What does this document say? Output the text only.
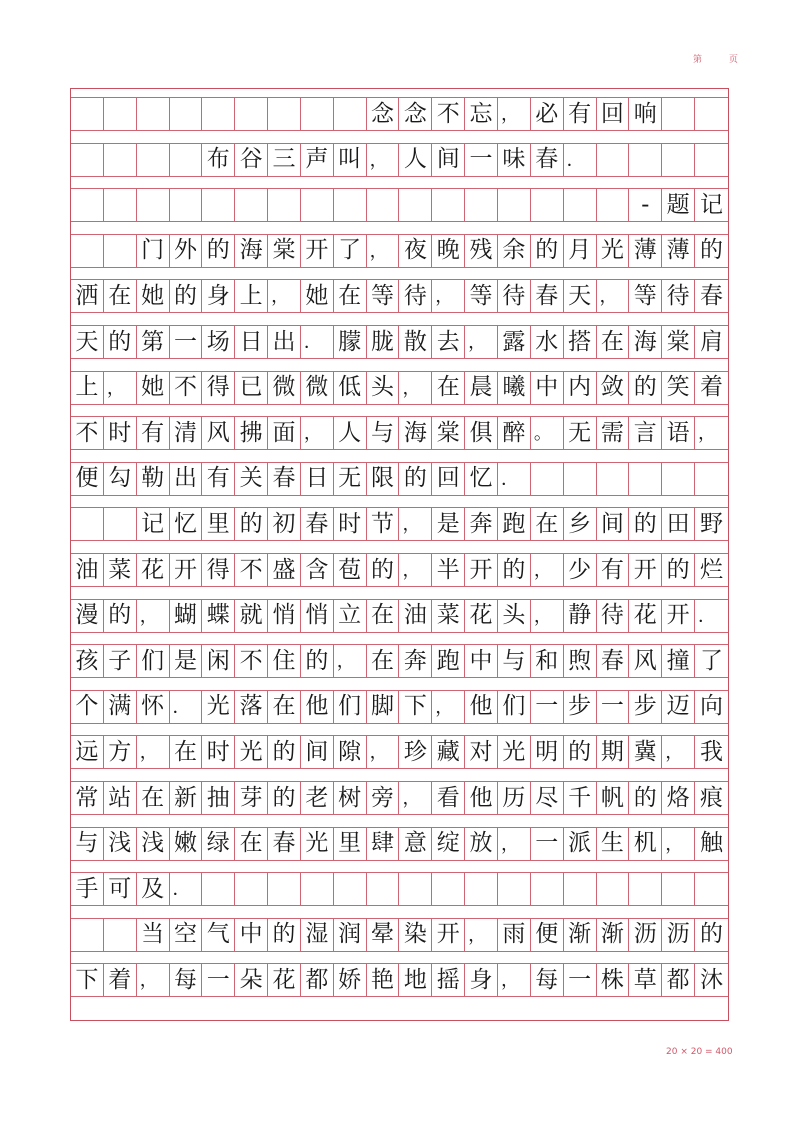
第 页
念 念 不 忘 ， 必 有 回 响
布 谷 三 声 叫 ， 人 间 一 味 春 ．
- 题 记
门 外 的 海 棠 开 了 ， 夜 晚 残 余 的 月 光 薄 薄 的
洒 在 她 的 身 上 ， 她 在 等 待 ， 等 待 春 天 ， 等 待 春
天 的 第 一 场 日 出 ． 朦 胧 散 去 ， 露 水 搭 在 海 棠 肩
上 ， 她 不 得 已 微 微 低 头 ， 在 晨 曦 中 内 敛 的 笑 着
不 时 有 清 风 拂 面 ， 人 与 海 棠 俱 醉 。 无 需 言 语 ，
便 勾 勒 出 有 关 春 日 无 限 的 回 忆 ．
记 忆 里 的 初 春 时 节 ， 是 奔 跑 在 乡 间 的 田 野
油 菜 花 开 得 不 盛 含 苞 的 ， 半 开 的 ， 少 有 开 的 烂
漫 的 ， 蝴 蝶 就 悄 悄 立 在 油 菜 花 头 ， 静 待 花 开 ．
孩 子 们 是 闲 不 住 的 ， 在 奔 跑 中 与 和 煦 春 风 撞 了
个 满 怀 ． 光 落 在 他 们 脚 下 ， 他 们 一 步 一 步 迈 向
远 方 ， 在 时 光 的 间 隙 ， 珍 藏 对 光 明 的 期 冀 ， 我
常 站 在 新 抽 芽 的 老 树 旁 ， 看 他 历 尽 千 帆 的 烙 痕
与 浅 浅 嫩 绿 在 春 光 里 肆 意 绽 放 ， 一 派 生 机 ， 触
手 可 及 ．
当 空 气 中 的 湿 润 晕 染 开 ， 雨 便 渐 渐 沥 沥 的
下 着 ， 每 一 朵 花 都 娇 艳 地 摇 身 ， 每 一 株 草 都 沐
20 × 20 = 400
